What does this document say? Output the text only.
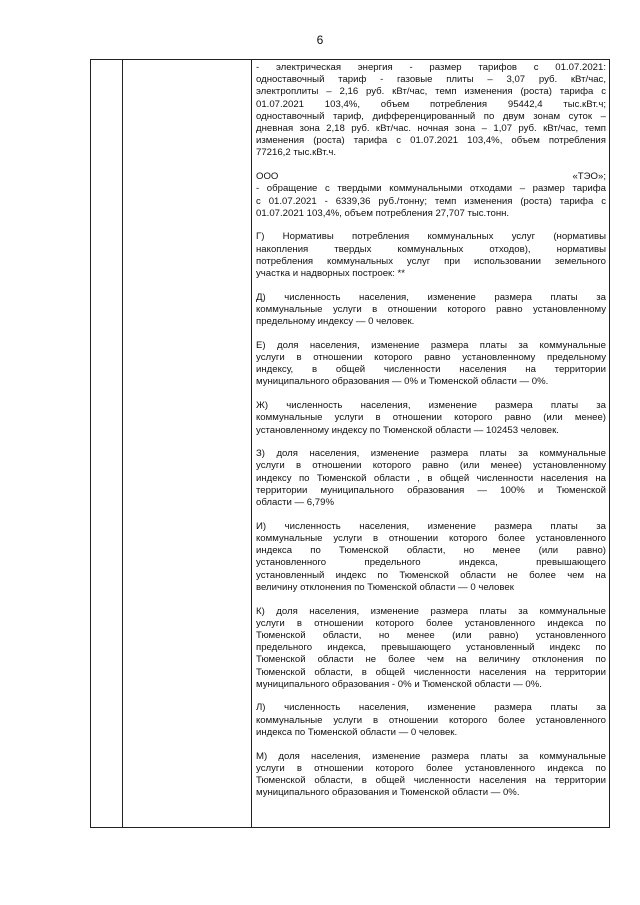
6
- электрическая энергия - размер тарифов с 01.07.2021:
одноставочный тариф - газовые плиты – 3,07 руб. кВт/час,
электроплиты – 2,16 руб. кВт/час, темп изменения (роста) тарифа с
01.07.2021 103,4%, объем потребления 95442,4 тыс.кВт.ч;
одноставочный тариф, дифференцированный по двум зонам суток –
дневная зона 2,18 руб. кВт/час. ночная зона – 1,07 руб. кВт/час, темп
изменения (роста) тарифа с 01.07.2021 103,4%, объем потребления
77216,2 тыс.кВт.ч.
ООО «ТЭО»;
- обращение с твердыми коммунальными отходами – размер тарифа
с 01.07.2021 - 6339,36 руб./тонну; темп изменения (роста) тарифа с
01.07.2021 103,4%, объем потребления 27,707 тыс.тонн.
Г) Нормативы потребления коммунальных услуг (нормативы
накопления твердых коммунальных отходов), нормативы
потребления коммунальных услуг при использовании земельного
участка и надворных построек: **
Д) численность населения, изменение размера платы за
коммунальные услуги в отношении которого равно установленному
предельному индексу — 0 человек.
Е) доля населения, изменение размера платы за коммунальные
услуги в отношении которого равно установленному предельному
индексу, в общей численности населения на территории
муниципального образования — 0% и Тюменской области — 0%.
Ж) численность населения, изменение размера платы за
коммунальные услуги в отношении которого равно (или менее)
установленному индексу по Тюменской области — 102453 человек.
З) доля населения, изменение размера платы за коммунальные
услуги в отношении которого равно (или менее) установленному
индексу по Тюменской области , в общей численности населения на
территории муниципального образования — 100% и Тюменской
области — 6,79%
И) численность населения, изменение размера платы за
коммунальные услуги в отношении которого более установленного
индекса по Тюменской области, но менее (или равно)
установленного предельного индекса, превышающего
установленный индекс по Тюменской области не более чем на
величину отклонения по Тюменской области — 0 человек
К) доля населения, изменение размера платы за коммунальные
услуги в отношении которого более установленного индекса по
Тюменской области, но менее (или равно) установленного
предельного индекса, превышающего установленный индекс по
Тюменской области не более чем на величину отклонения по
Тюменской области, в общей численности населения на территории
муниципального образования - 0% и Тюменской области — 0%.
Л) численность населения, изменение размера платы за
коммунальные услуги в отношении которого более установленного
индекса по Тюменской области — 0 человек.
М) доля населения, изменение размера платы за коммунальные
услуги в отношении которого более установленного индекса по
Тюменской области, в общей численности населения на территории
муниципального образования и Тюменской области — 0%.
